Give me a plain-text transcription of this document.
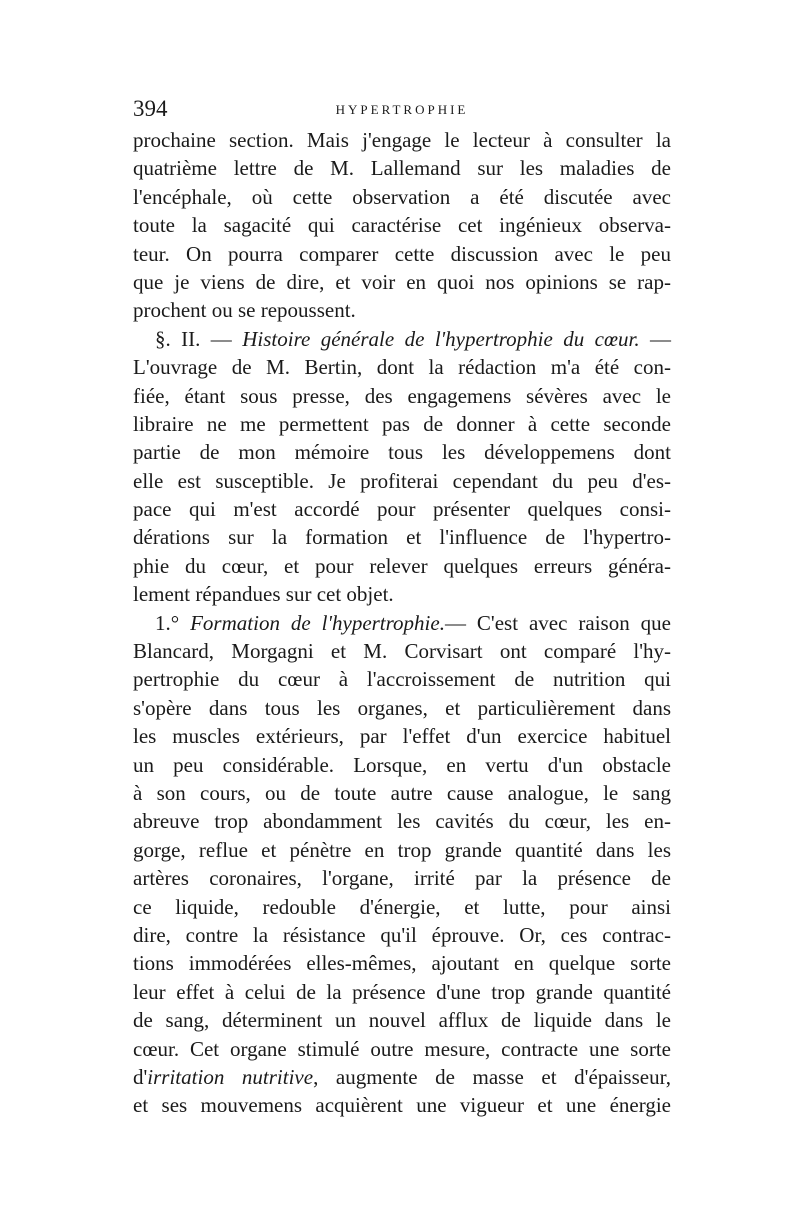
394	HYPERTROPHIE
prochaine section. Mais j'engage le lecteur à consulter la
quatrième lettre de M. Lallemand sur les maladies de
l'encéphale, où cette observation a été discutée avec
toute la sagacité qui caractérise cet ingénieux observa-
teur. On pourra comparer cette discussion avec le peu
que je viens de dire, et voir en quoi nos opinions se rap-
prochent ou se repoussent.
§. II. — Histoire générale de l'hypertrophie du cœur. —
L'ouvrage de M. Bertin, dont la rédaction m'a été con-
fiée, étant sous presse, des engagemens sévères avec le
libraire ne me permettent pas de donner à cette seconde
partie de mon mémoire tous les développemens dont
elle est susceptible. Je profiterai cependant du peu d'es-
pace qui m'est accordé pour présenter quelques consi-
dérations sur la formation et l'influence de l'hypertro-
phie du cœur, et pour relever quelques erreurs généra-
lement répandues sur cet objet.
1.° Formation de l'hypertrophie.— C'est avec raison que
Blancard, Morgagni et M. Corvisart ont comparé l'hy-
pertrophie du cœur à l'accroissement de nutrition qui
s'opère dans tous les organes, et particulièrement dans
les muscles extérieurs, par l'effet d'un exercice habituel
un peu considérable. Lorsque, en vertu d'un obstacle
à son cours, ou de toute autre cause analogue, le sang
abreuve trop abondamment les cavités du cœur, les en-
gorge, reflue et pénètre en trop grande quantité dans les
artères coronaires, l'organe, irrité par la présence de
ce liquide, redouble d'énergie, et lutte, pour ainsi
dire, contre la résistance qu'il éprouve. Or, ces contrac-
tions immodérées elles-mêmes, ajoutant en quelque sorte
leur effet à celui de la présence d'une trop grande quantité
de sang, déterminent un nouvel afflux de liquide dans le
cœur. Cet organe stimulé outre mesure, contracte une sorte
d'irritation nutritive, augmente de masse et d'épaisseur,
et ses mouvemens acquièrent une vigueur et une énergie
